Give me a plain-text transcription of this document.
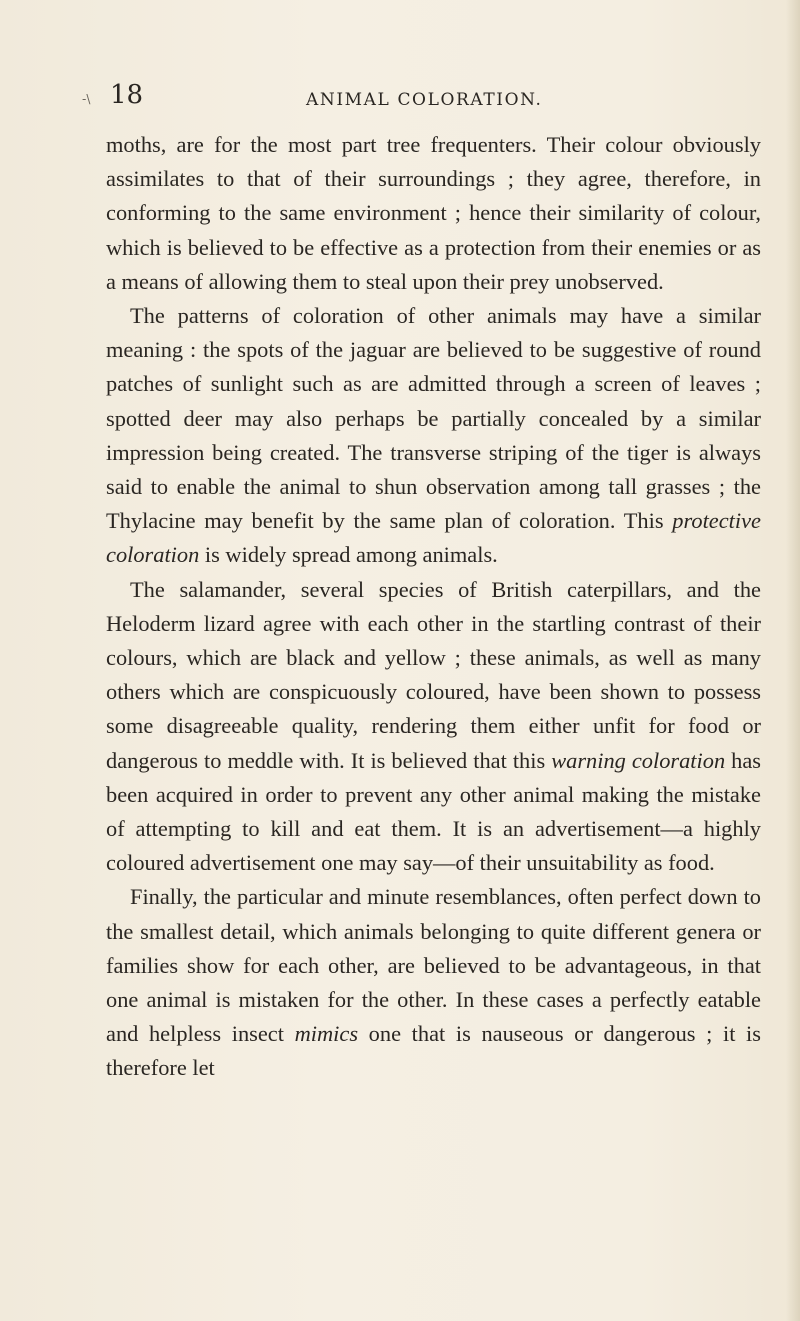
-\ 18	ANIMAL COLORATION.

moths, are for the most part tree frequenters. Their colour obviously assimilates to that of their surroundings ; they agree, therefore, in conforming to the same environment ; hence their similarity of colour, which is believed to be effective as a protection from their enemies or as a means of allowing them to steal upon their prey unobserved.

The patterns of coloration of other animals may have a similar meaning : the spots of the jaguar are believed to be suggestive of round patches of sunlight such as are admitted through a screen of leaves ; spotted deer may also perhaps be partially concealed by a similar impression being created. The transverse striping of the tiger is always said to enable the animal to shun observation among tall grasses ; the Thylacine may benefit by the same plan of coloration. This protective coloration is widely spread among animals.

The salamander, several species of British caterpillars, and the Heloderm lizard agree with each other in the startling contrast of their colours, which are black and yellow ; these animals, as well as many others which are conspicuously coloured, have been shown to possess some disagreeable quality, rendering them either unfit for food or dangerous to meddle with. It is believed that this warning coloration has been acquired in order to prevent any other animal making the mistake of attempting to kill and eat them. It is an advertisement—a highly coloured advertisement one may say—of their unsuitability as food.

Finally, the particular and minute resemblances, often perfect down to the smallest detail, which animals belonging to quite different genera or families show for each other, are believed to be advantageous, in that one animal is mistaken for the other. In these cases a perfectly eatable and helpless insect mimics one that is nauseous or dangerous ; it is therefore let
